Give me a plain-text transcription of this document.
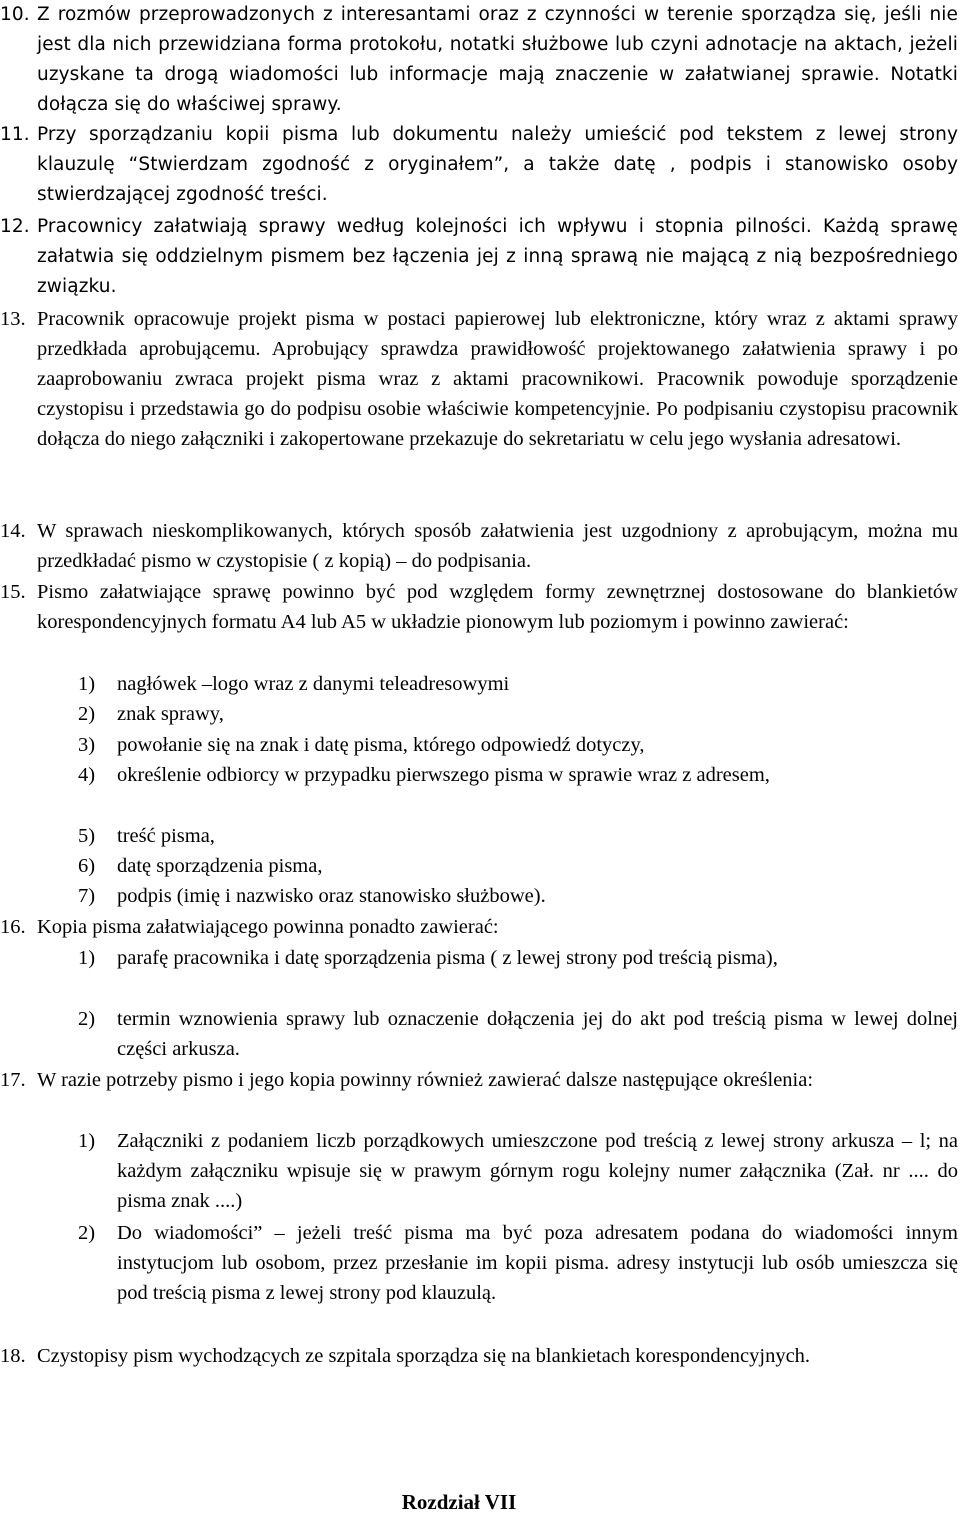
10. Z rozmów przeprowadzonych z interesantami oraz z czynności w terenie sporządza się, jeśli nie jest dla nich przewidziana forma protokołu, notatki służbowe lub czyni adnotacje na aktach, jeżeli uzyskane ta drogą wiadomości lub informacje mają znaczenie w załatwianej sprawie. Notatki dołącza się do właściwej sprawy.
11. Przy sporządzaniu kopii pisma lub dokumentu należy umieścić pod tekstem z lewej strony klauzulę “Stwierdzam zgodność z oryginałem”, a także datę , podpis i stanowisko osoby stwierdzającej zgodność treści.
12. Pracownicy załatwiają sprawy według kolejności ich wpływu i stopnia pilności. Każdą sprawę załatwia się oddzielnym pismem bez łączenia jej z inną sprawą nie mającą z nią bezpośredniego związku.
13. Pracownik opracowuje projekt pisma w postaci papierowej lub elektroniczne, który wraz z aktami sprawy przedkłada aprobującemu. Aprobujący sprawdza prawidłowość projektowanego załatwienia sprawy i po zaaprobowaniu zwraca projekt pisma wraz z aktami pracownikowi. Pracownik powoduje sporządzenie czystopisu i przedstawia go do podpisu osobie właściwie kompetencyjnie. Po podpisaniu czystopisu pracownik dołącza do niego załączniki i zakopertowane przekazuje do sekretariatu w celu jego wysłania adresatowi.
14. W sprawach nieskomplikowanych, których sposób załatwienia jest uzgodniony z aprobującym, można mu przedkładać pismo w czystopisie ( z kopią) – do podpisania.
15. Pismo załatwiające sprawę powinno być pod względem formy zewnętrznej dostosowane do blankietów korespondencyjnych formatu A4 lub A5 w układzie pionowym lub poziomym i powinno zawierać:
1) nagłówek –logo wraz z danymi teleadresowymi
2) znak sprawy,
3) powołanie się na znak i datę pisma, którego odpowiedź dotyczy,
4) określenie odbiorcy w przypadku pierwszego pisma w sprawie wraz z adresem,
5) treść pisma,
6) datę sporządzenia pisma,
7) podpis (imię i nazwisko oraz stanowisko służbowe).
16. Kopia pisma załatwiającego powinna ponadto zawierać:
1) parafę pracownika i datę sporządzenia pisma ( z lewej strony pod treścią pisma),
2) termin wznowienia sprawy lub oznaczenie dołączenia jej do akt pod treścią pisma w lewej dolnej części arkusza.
17. W razie potrzeby pismo i jego kopia powinny również zawierać dalsze następujące określenia:
1) Załączniki z podaniem liczb porządkowych umieszczone pod treścią z lewej strony arkusza – l; na każdym załączniku wpisuje się w prawym górnym rogu kolejny numer załącznika (Zał. nr .... do pisma znak ....)
2) Do wiadomości” – jeżeli treść pisma ma być poza adresatem podana do wiadomości innym instytucjom lub osobom, przez przesłanie im kopii pisma. adresy instytucji lub osób umieszcza się pod treścią pisma z lewej strony pod klauzulą.
18. Czystopisy pism wychodzących ze szpitala sporządza się na blankietach korespondencyjnych.
Rozdział VII
